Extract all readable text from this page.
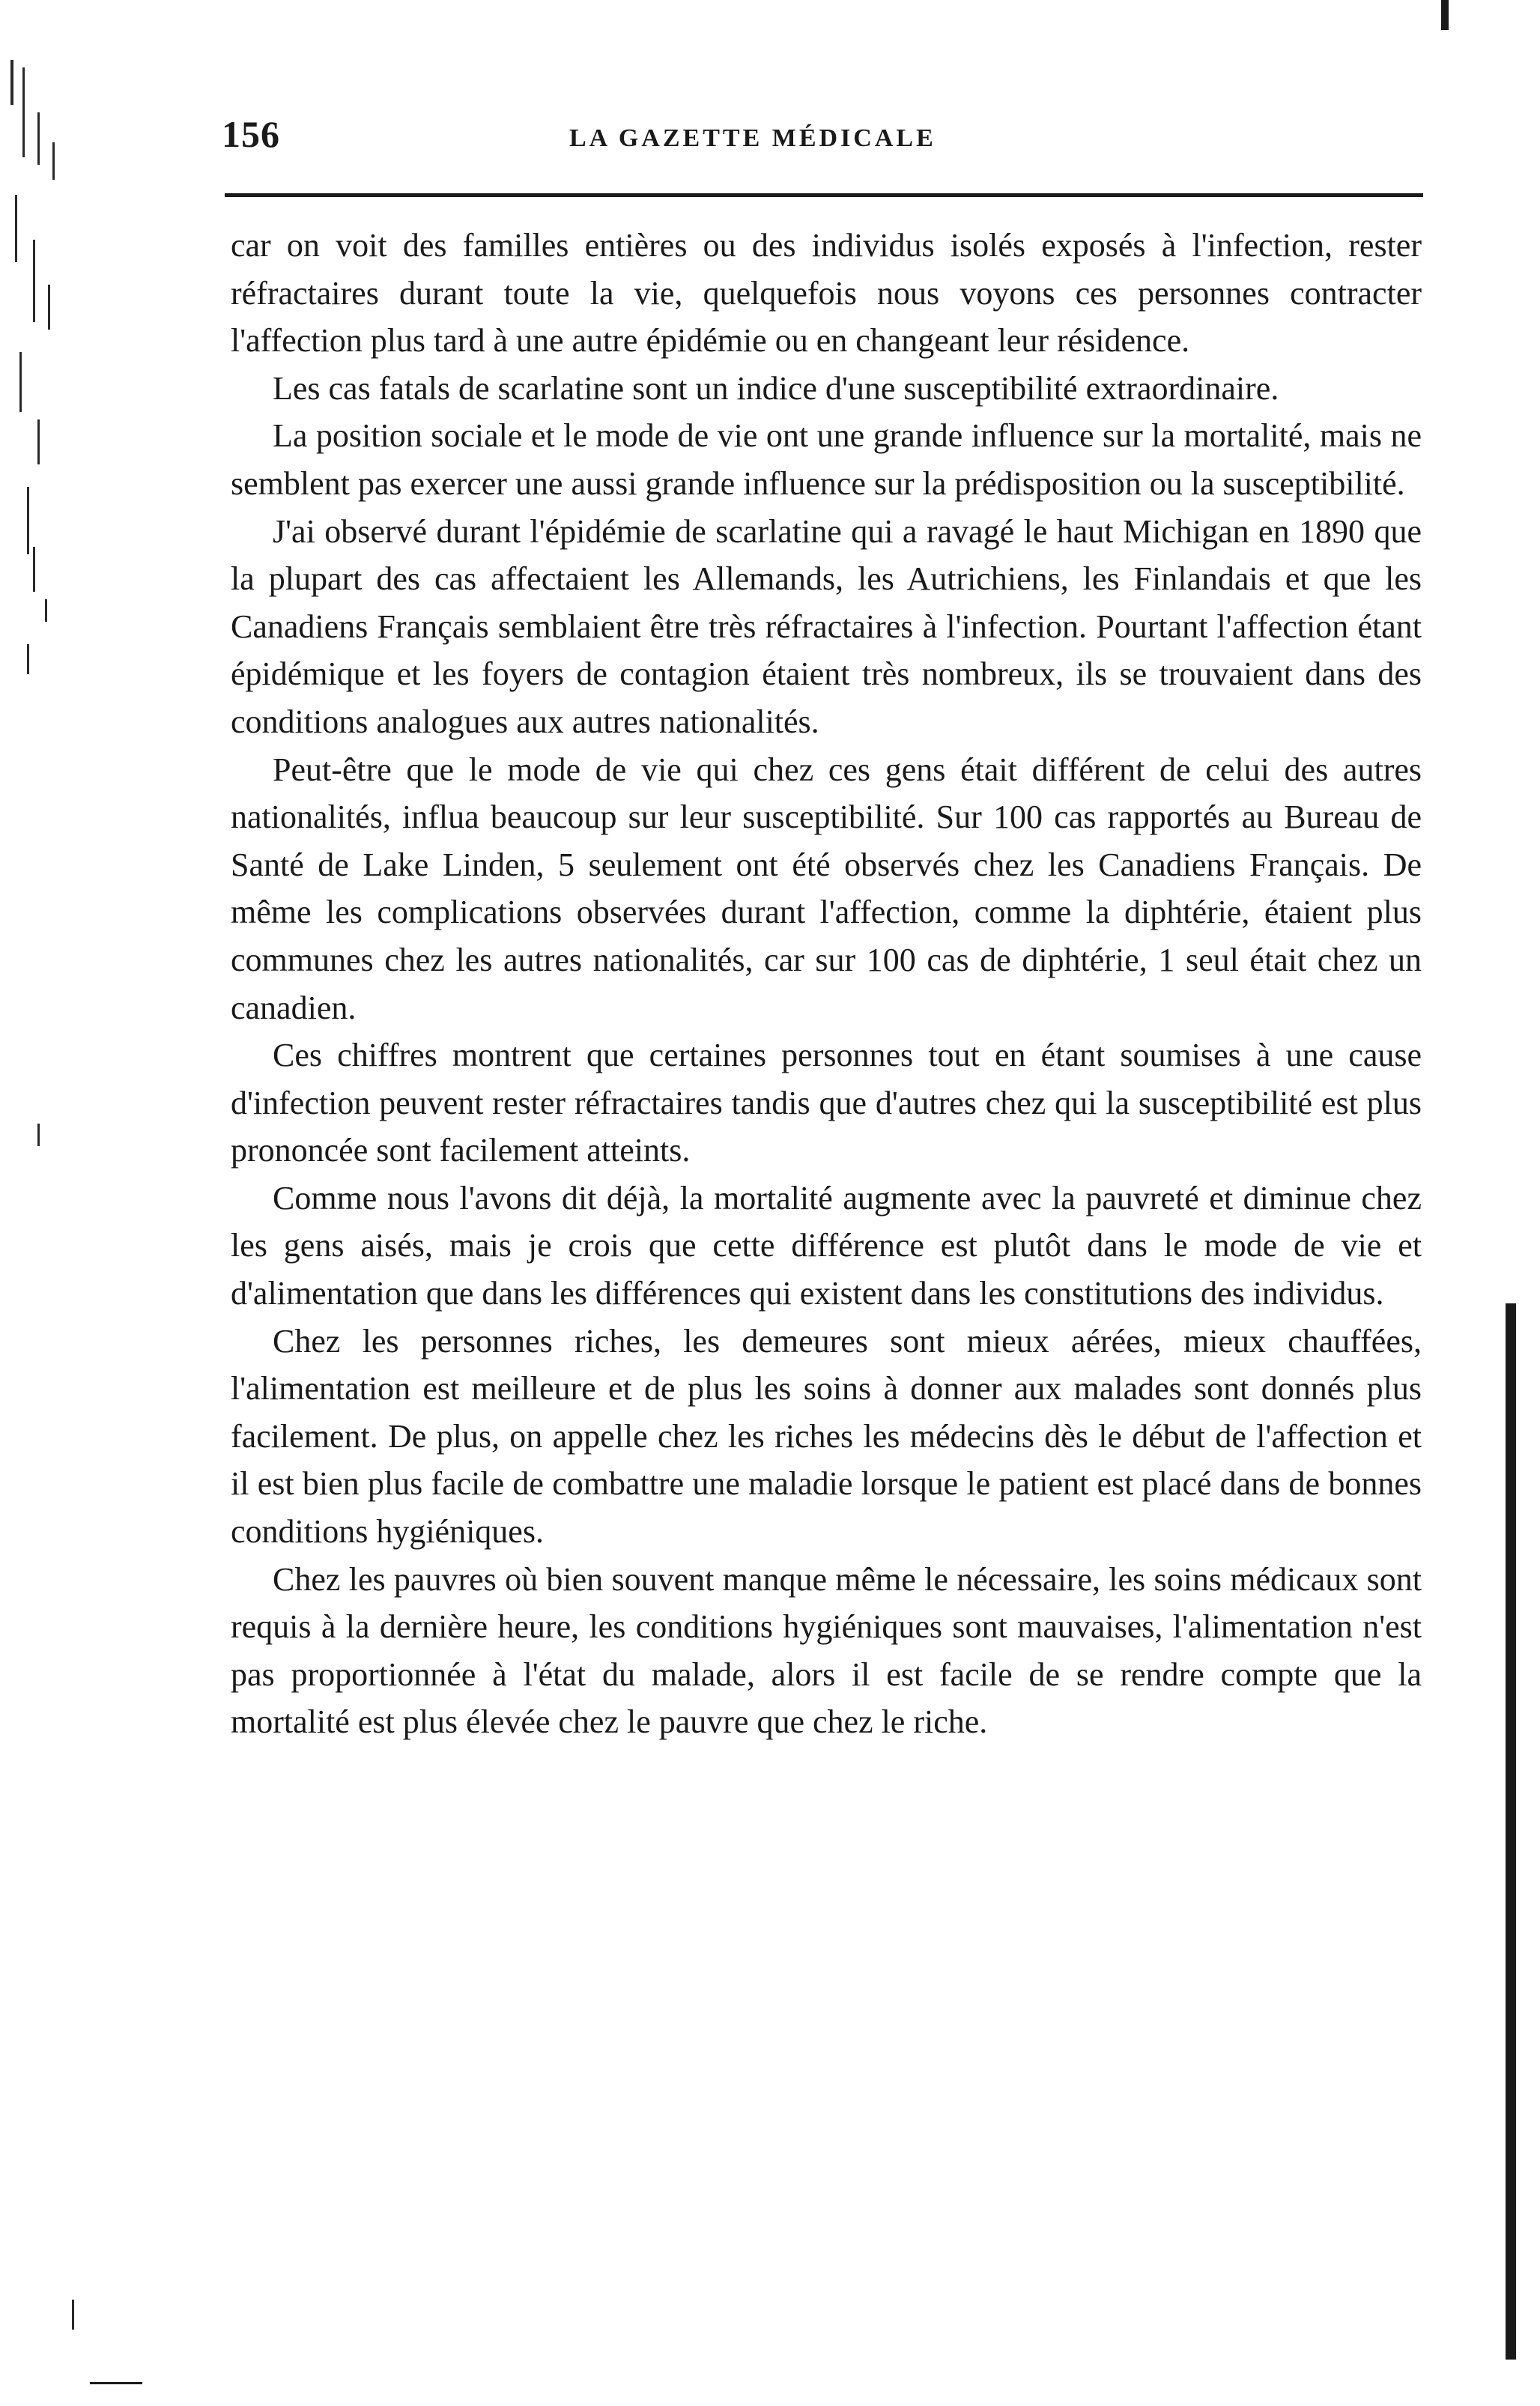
156	LA GAZETTE MÉDICALE

car on voit des familles entières ou des individus isolés exposés à l'infection, rester réfractaires durant toute la vie, quelquefois nous voyons ces personnes contracter l'affection plus tard à une autre épidémie ou en changeant leur résidence.

Les cas fatals de scarlatine sont un indice d'une susceptibilité extraordinaire.

La position sociale et le mode de vie ont une grande influence sur la mortalité, mais ne semblent pas exercer une aussi grande influence sur la prédisposition ou la susceptibilité.

J'ai observé durant l'épidémie de scarlatine qui a ravagé le haut Michigan en 1890 que la plupart des cas affectaient les Allemands, les Autrichiens, les Finlandais et que les Canadiens Français semblaient être très réfractaires à l'infection. Pourtant l'affection étant épidémique et les foyers de contagion étaient très nombreux, ils se trouvaient dans des conditions analogues aux autres nationalités.

Peut-être que le mode de vie qui chez ces gens était différent de celui des autres nationalités, influa beaucoup sur leur susceptibilité. Sur 100 cas rapportés au Bureau de Santé de Lake Linden, 5 seulement ont été observés chez les Canadiens Français. De même les complications observées durant l'affection, comme la diphtérie, étaient plus communes chez les autres nationalités, car sur 100 cas de diphtérie, 1 seul était chez un canadien.

Ces chiffres montrent que certaines personnes tout en étant soumises à une cause d'infection peuvent rester réfractaires tandis que d'autres chez qui la susceptibilité est plus prononcée sont facilement atteints.

Comme nous l'avons dit déjà, la mortalité augmente avec la pauvreté et diminue chez les gens aisés, mais je crois que cette différence est plutôt dans le mode de vie et d'alimentation que dans les différences qui existent dans les constitutions des individus.

Chez les personnes riches, les demeures sont mieux aérées, mieux chauffées, l'alimentation est meilleure et de plus les soins à donner aux malades sont donnés plus facilement. De plus, on appelle chez les riches les médecins dès le début de l'affection et il est bien plus facile de combattre une maladie lorsque le patient est placé dans de bonnes conditions hygiéniques.

Chez les pauvres où bien souvent manque même le nécessaire, les soins médicaux sont requis à la dernière heure, les conditions hygiéniques sont mauvaises, l'alimentation n'est pas proportionnée à l'état du malade, alors il est facile de se rendre compte que la mortalité est plus élevée chez le pauvre que chez le riche.
